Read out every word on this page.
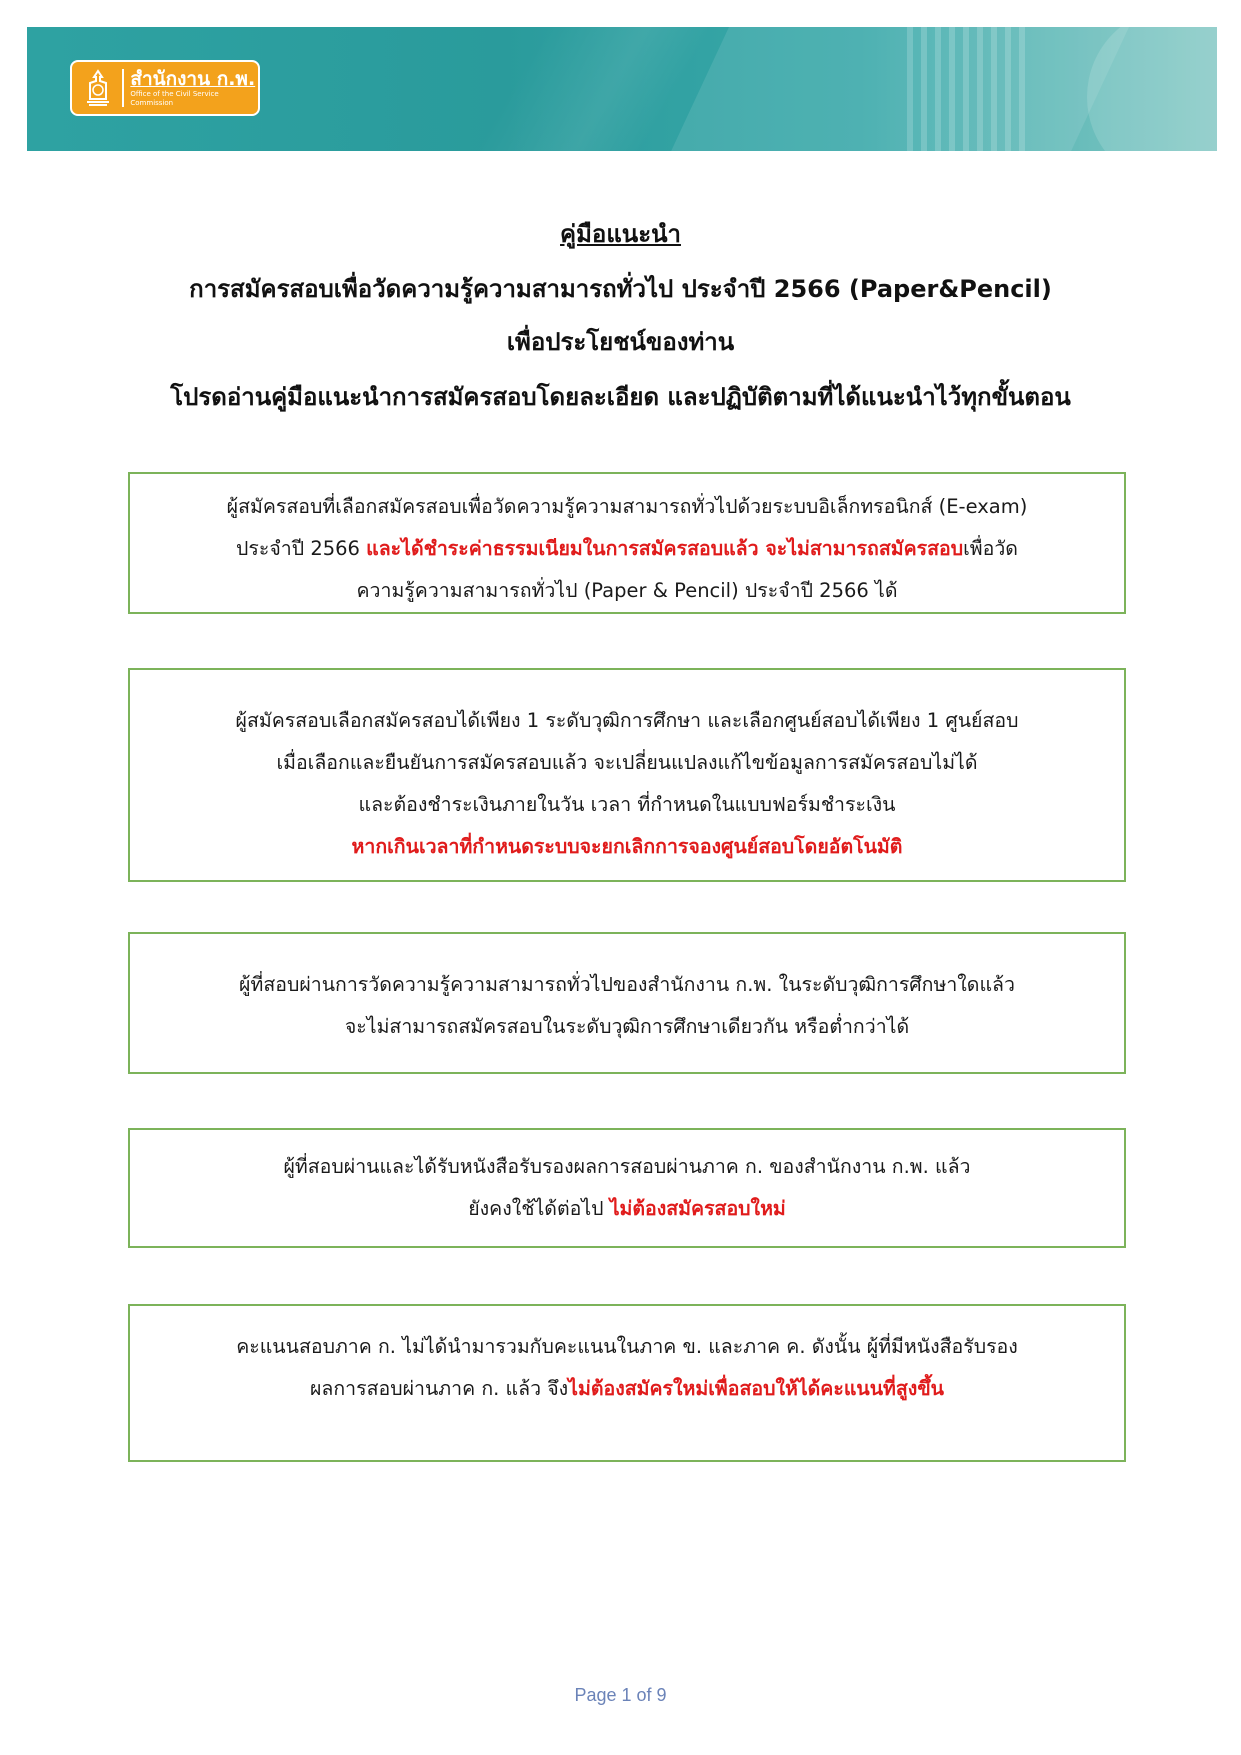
สำนักงาน ก.พ.
Office of the Civil Service Commission
คู่มือแนะนำ
การสมัครสอบเพื่อวัดความรู้ความสามารถทั่วไป ประจำปี 2566 (Paper&Pencil)
เพื่อประโยชน์ของท่าน
โปรดอ่านคู่มือแนะนำการสมัครสอบโดยละเอียด และปฏิบัติตามที่ได้แนะนำไว้ทุกขั้นตอน

ผู้สมัครสอบที่เลือกสมัครสอบเพื่อวัดความรู้ความสามารถทั่วไปด้วยระบบอิเล็กทรอนิกส์ (E-exam)

ประจำปี 2566 และได้ชำระค่าธรรมเนียมในการสมัครสอบแล้ว จะไม่สามารถสมัครสอบเพื่อวัด

ความรู้ความสามารถทั่วไป (Paper & Pencil) ประจำปี 2566 ได้

ผู้สมัครสอบเลือกสมัครสอบได้เพียง 1 ระดับวุฒิการศึกษา และเลือกศูนย์สอบได้เพียง 1 ศูนย์สอบ

เมื่อเลือกและยืนยันการสมัครสอบแล้ว จะเปลี่ยนแปลงแก้ไขข้อมูลการสมัครสอบไม่ได้

และต้องชำระเงินภายในวัน เวลา ที่กำหนดในแบบฟอร์มชำระเงิน

หากเกินเวลาที่กำหนดระบบจะยกเลิกการจองศูนย์สอบโดยอัตโนมัติ

ผู้ที่สอบผ่านการวัดความรู้ความสามารถทั่วไปของสำนักงาน ก.พ. ในระดับวุฒิการศึกษาใดแล้ว

จะไม่สามารถสมัครสอบในระดับวุฒิการศึกษาเดียวกัน หรือต่ำกว่าได้

ผู้ที่สอบผ่านและได้รับหนังสือรับรองผลการสอบผ่านภาค ก. ของสำนักงาน ก.พ. แล้ว

ยังคงใช้ได้ต่อไป ไม่ต้องสมัครสอบใหม่

คะแนนสอบภาค ก. ไม่ได้นำมารวมกับคะแนนในภาค ข. และภาค ค. ดังนั้น ผู้ที่มีหนังสือรับรอง

ผลการสอบผ่านภาค ก. แล้ว จึงไม่ต้องสมัครใหม่เพื่อสอบให้ได้คะแนนที่สูงขึ้น

Page 1 of 9
